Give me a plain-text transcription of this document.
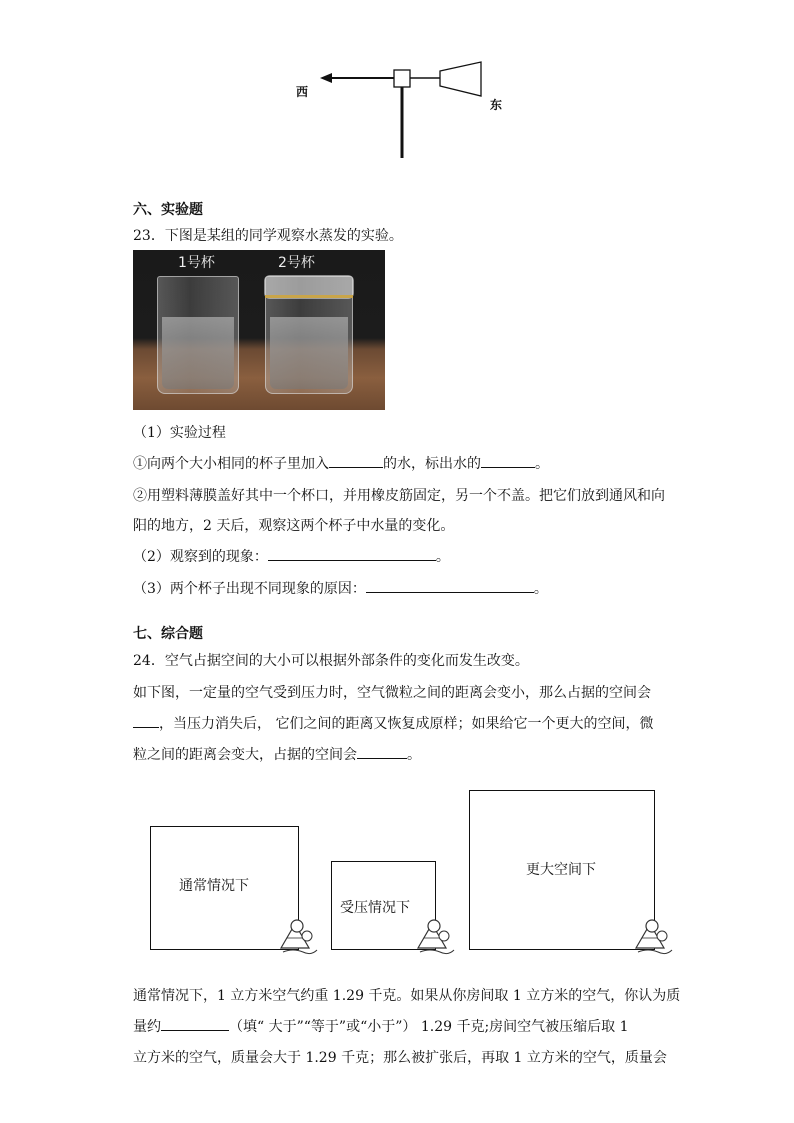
西
东
六、实验题
23．下图是某组的同学观察水蒸发的实验。
1号杯	2号杯
（1）实验过程
①向两个大小相同的杯子里加入	的水，标出水的	。
②用塑料薄膜盖好其中一个杯口，并用橡皮筋固定，另一个不盖。把它们放到通风和向
阳的地方，2 天后，观察这两个杯子中水量的变化。
（2）观察到的现象：	。
（3）两个杯子出现不同现象的原因：	。
七、综合题
24．空气占据空间的大小可以根据外部条件的变化而发生改变。
如下图，一定量的空气受到压力时，空气微粒之间的距离会变小，那么占据的空间会
，当压力消失后， 它们之间的距离又恢复成原样；如果给它一个更大的空间，微
粒之间的距离会变大，占据的空间会	。
通常情况下
受压情况下
更大空间下
通常情况下，1 立方米空气约重 1.29 千克。如果从你房间取 1 立方米的空气，你认为质
量约	（填“ 大于”“等于”或“小于”） 1.29 千克;房间空气被压缩后取 1
立方米的空气，质量会大于 1.29 千克；那么被扩张后，再取 1 立方米的空气，质量会
